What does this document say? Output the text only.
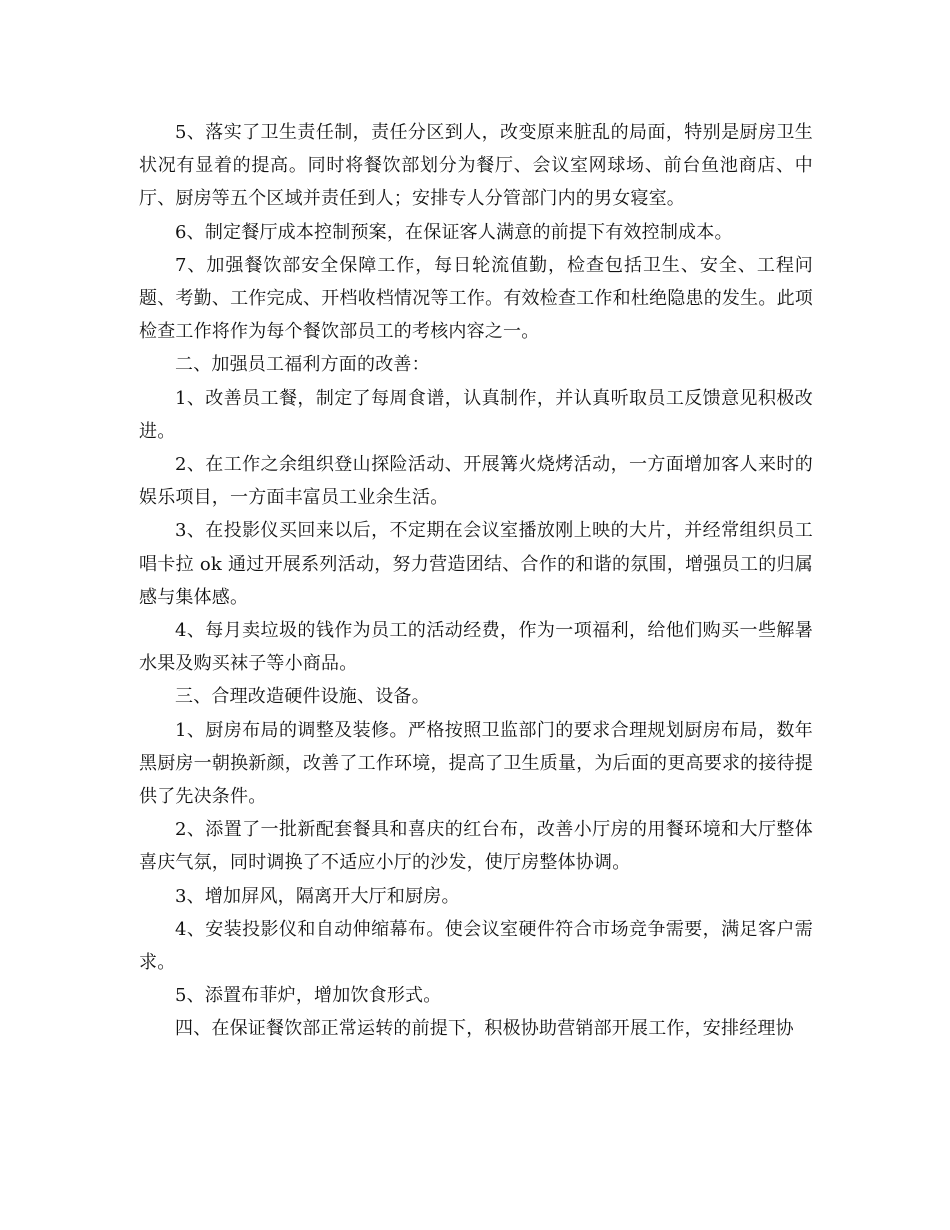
5、落实了卫生责任制，责任分区到人，改变原来脏乱的局面，特别是厨房卫生状况有显着的提高。同时将餐饮部划分为餐厅、会议室网球场、前台鱼池商店、中厅、厨房等五个区域并责任到人；安排专人分管部门内的男女寝室。

6、制定餐厅成本控制预案，在保证客人满意的前提下有效控制成本。

7、加强餐饮部安全保障工作，每日轮流值勤，检查包括卫生、安全、工程问题、考勤、工作完成、开档收档情况等工作。有效检查工作和杜绝隐患的发生。此项检查工作将作为每个餐饮部员工的考核内容之一。

二、加强员工福利方面的改善：

1、改善员工餐，制定了每周食谱，认真制作，并认真听取员工反馈意见积极改进。

2、在工作之余组织登山探险活动、开展篝火烧烤活动，一方面增加客人来时的娱乐项目，一方面丰富员工业余生活。

3、在投影仪买回来以后，不定期在会议室播放刚上映的大片，并经常组织员工唱卡拉 ok 通过开展系列活动，努力营造团结、合作的和谐的氛围，增强员工的归属感与集体感。

4、每月卖垃圾的钱作为员工的活动经费，作为一项福利，给他们购买一些解暑水果及购买袜子等小商品。

三、合理改造硬件设施、设备。

1、厨房布局的调整及装修。严格按照卫监部门的要求合理规划厨房布局，数年黑厨房一朝换新颜，改善了工作环境，提高了卫生质量，为后面的更高要求的接待提供了先决条件。

2、添置了一批新配套餐具和喜庆的红台布，改善小厅房的用餐环境和大厅整体喜庆气氛，同时调换了不适应小厅的沙发，使厅房整体协调。

3、增加屏风，隔离开大厅和厨房。

4、安装投影仪和自动伸缩幕布。使会议室硬件符合市场竞争需要，满足客户需求。

5、添置布菲炉，增加饮食形式。

四、在保证餐饮部正常运转的前提下，积极协助营销部开展工作，安排经理协
